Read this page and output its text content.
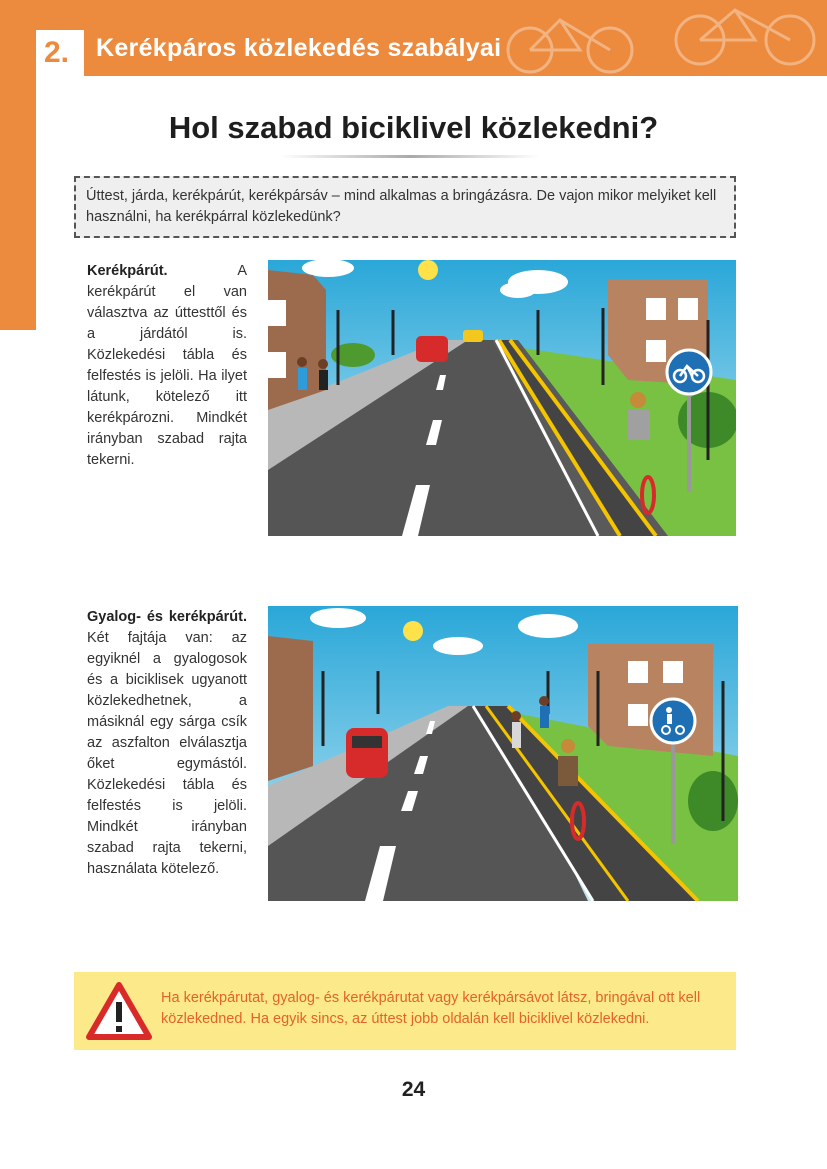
2. Kerékpáros közlekedés szabályai
Hol szabad biciklivel közlekedni?
Úttest, járda, kerékpárút, kerékpársáv – mind alkalmas a bringázásra. De vajon mikor melyiket kell használni, ha kerékpárral közlekedünk?
Kerékpárút. A kerékpárút el van választva az úttesttől és a járdától is. Közlekedési tábla és felfestés is jelöli. Ha ilyet látunk, kötelező itt kerékpározni. Mindkét irányban szabad rajta tekerni.
Gyalog- és kerékpárút. Két fajtája van: az egyiknél a gyalogosok és a biciklisek ugyanott közlekedhetnek, a másiknál egy sárga csík az aszfalton elválasztja őket egymástól. Közlekedési tábla és felfestés is jelöli. Mindkét irányban szabad rajta tekerni, használata kötelező.
Ha kerékpárutat, gyalog- és kerékpárutat vagy kerékpársávot látsz, bringával ott kell közlekedned. Ha egyik sincs, az úttest jobb oldalán kell biciklivel közlekedni.
24
